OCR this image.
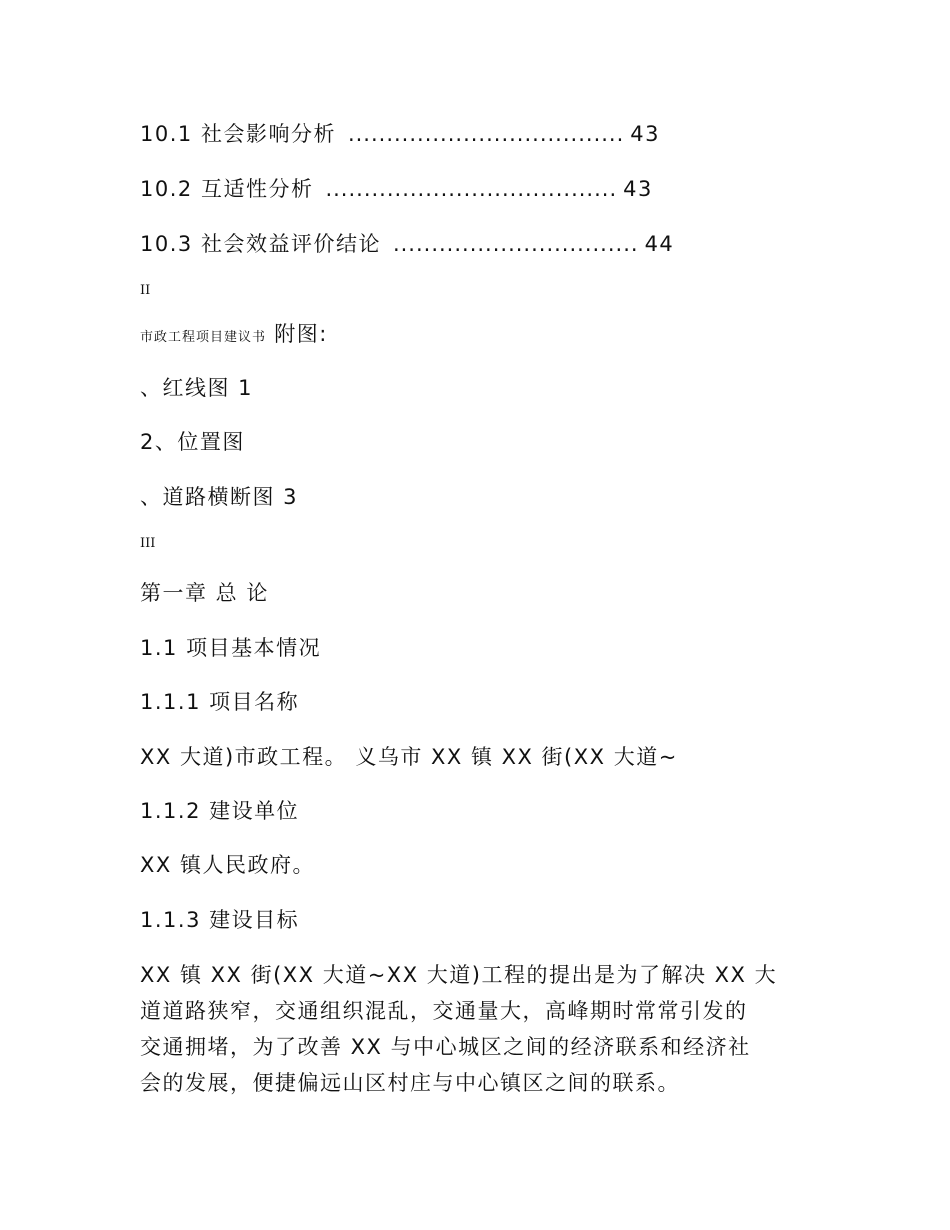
10.1
社会影响分析 .................................... 43
10.2
互适性分析 ...................................... 43
10.3
社会效益评价结论 ................................ 44
II
市政工程项目建议书 附图:
、红线图 1
2、位置图
、道路横断图 3
III
第一章 总 论
1.1 项目基本情况
1.1.1 项目名称
XX 大道)市政工程。 义乌市 XX 镇 XX 街(XX 大道~
1.1.2 建设单位
XX 镇人民政府。
1.1.3 建设目标
XX 镇 XX 街(XX 大道~XX 大道)工程的提出是为了解决 XX 大
道道路狭窄，交通组织混乱，交通量大，高峰期时常常引发的
交通拥堵，为了改善 XX 与中心城区之间的经济联系和经济社
会的发展，便捷偏远山区村庄与中心镇区之间的联系。
